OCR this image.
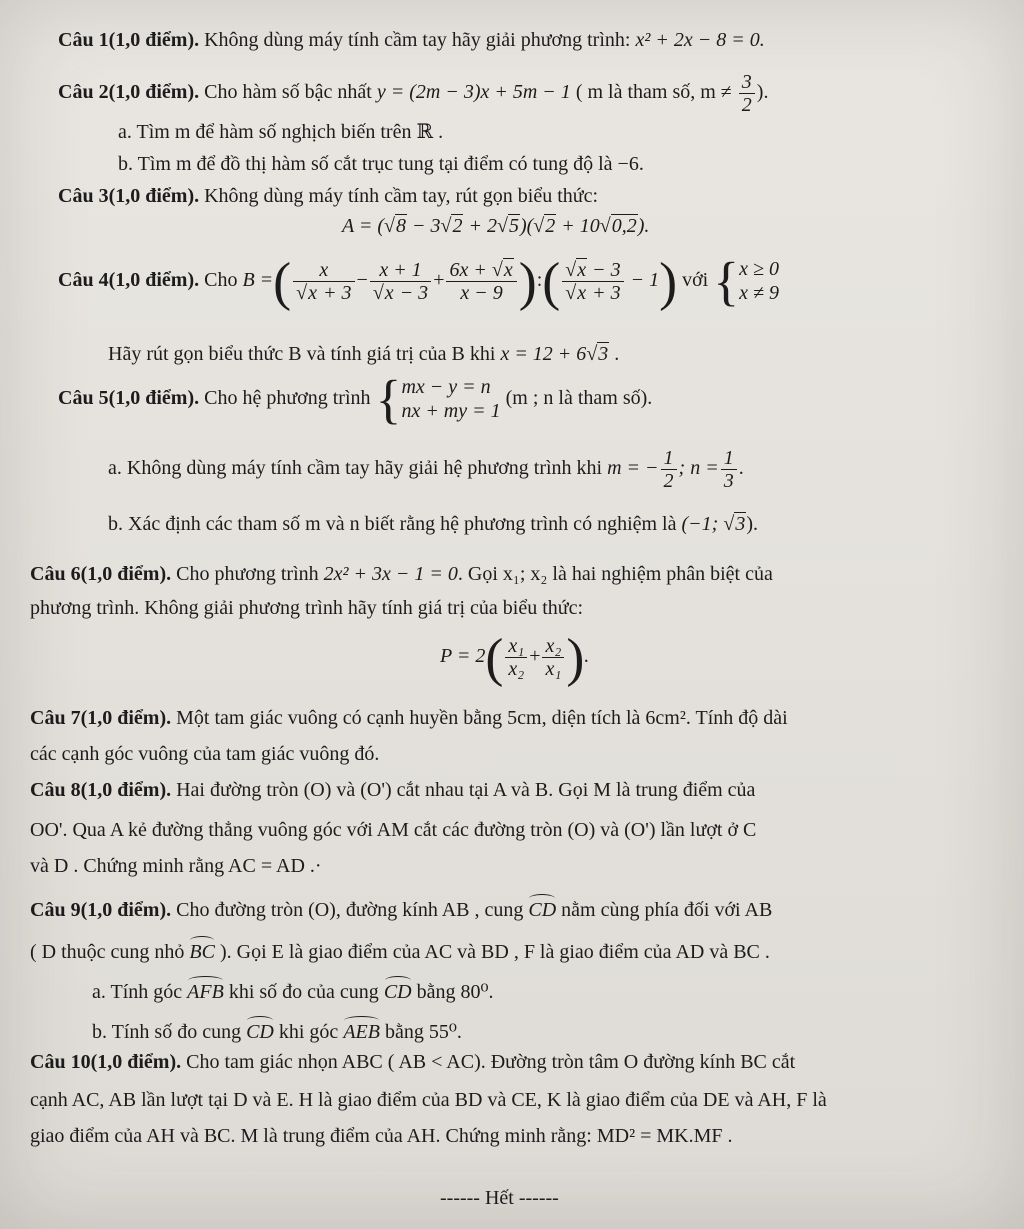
Câu 1(1,0 điểm). Không dùng máy tính cầm tay hãy giải phương trình: x² + 2x − 8 = 0.
Câu 2(1,0 điểm). Cho hàm số bậc nhất y = (2m − 3)x + 5m − 1 ( m là tham số, $m \ne \frac{3}{2}$ ).
a. Tìm m để hàm số nghịch biến trên ℝ .
b. Tìm m để đồ thị hàm số cắt trục tung tại điểm có tung độ là −6.
Câu 3(1,0 điểm). Không dùng máy tính cầm tay, rút gọn biểu thức:
A = (√8 − 3√2 + 2√5)(√2 + 10√0,2).
Câu 4(1,0 điểm). Cho B =( $\frac{x}{√x + 3} - \frac{x + 1}{√x - 3} + \frac{6x + √x}{x - 9}$ ):( $\frac{√x - 3}{√x + 3} - 1$) với { x ≥ 0
x ≠ 9
Hãy rút gọn biểu thức B và tính giá trị của B khi x = 12 + 6√3 .
Câu 5(1,0 điểm). Cho hệ phương trình { mx − y = n
nx + my = 1
(m ; n là tham số).
a. Không dùng máy tính cầm tay hãy giải hệ phương trình khi m = − $\frac{1}{2}$ ; $n = \frac{1}{3}$ .
b. Xác định các tham số m và n biết rằng hệ phương trình có nghiệm là (−1; √3).
Câu 6(1,0 điểm). Cho phương trình 2x² + 3x − 1 = 0. Gọi x₁; x₂ là hai nghiệm phân biệt của
phương trình. Không giải phương trình hãy tính giá trị của biểu thức:
$P = 2( \frac{\text{x₁}}{\text{x₂}} + \frac{\text{x₂}}{\text{x₁}}$ ).
Câu 7(1,0 điểm). Một tam giác vuông có cạnh huyền bằng 5cm, diện tích là 6cm². Tính độ dài
các cạnh góc vuông của tam giác vuông đó.
Câu 8(1,0 điểm). Hai đường tròn (O) và (O') cắt nhau tại A và B. Gọi M là trung điểm của
OO'. Qua A kẻ đường thẳng vuông góc với AM cắt các đường tròn (O) và (O') lần lượt ở C
và D . Chứng minh rằng AC = AD .·
Câu 9(1,0 điểm). Cho đường tròn (O), đường kính AB , cung CD nằm cùng phía đối với AB
( D thuộc cung nhỏ BC ). Gọi E là giao điểm của AC và BD , F là giao điểm của AD và BC .
a. Tính góc AFB khi số đo của cung CD bằng 80⁰.
b. Tính số đo cung CD khi góc AEB bằng 55⁰.
Câu 10(1,0 điểm). Cho tam giác nhọn ABC ( AB < AC). Đường tròn tâm O đường kính BC cắt
cạnh AC, AB lần lượt tại D và E. H là giao điểm của BD và CE, K là giao điểm của DE và AH, F là
giao điểm của AH và BC. M là trung điểm của AH. Chứng minh rằng: MD² = MK.MF .
------ Hết ------
